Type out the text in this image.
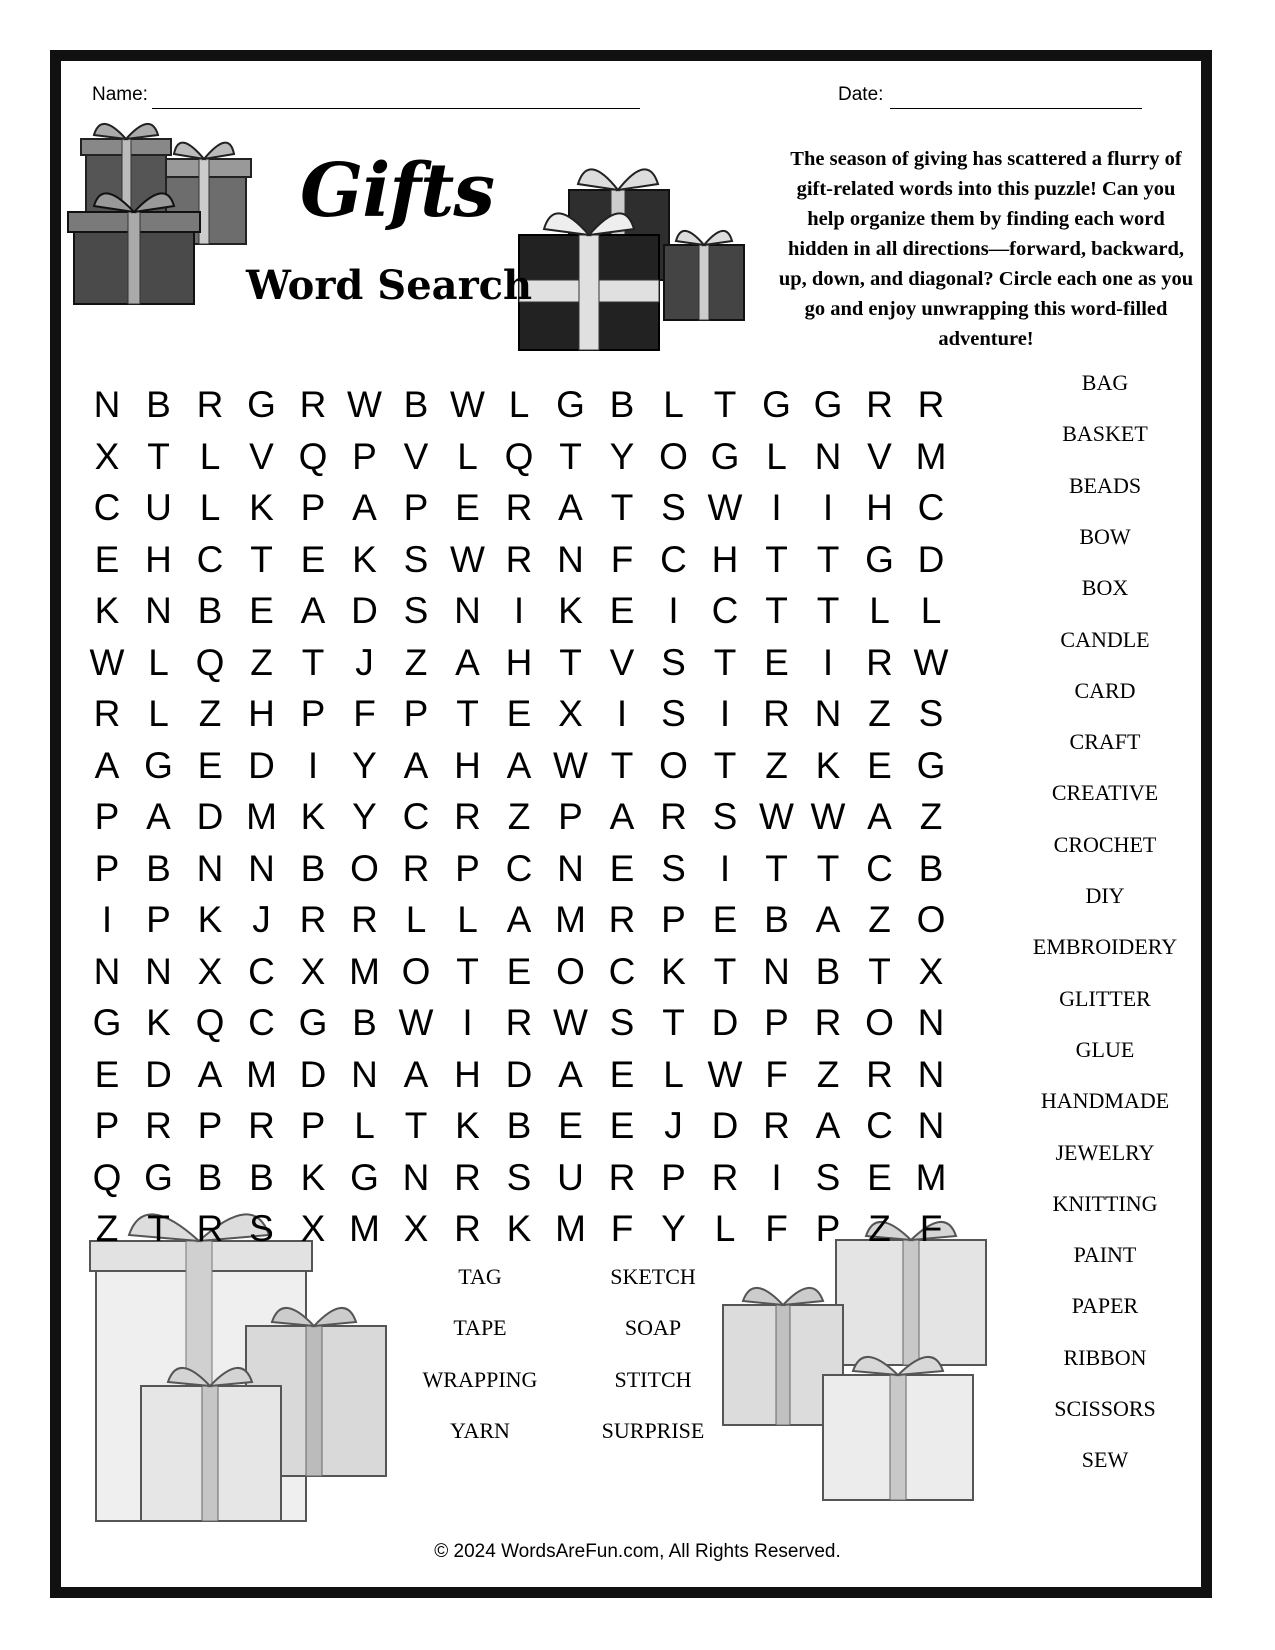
Name:	Date:
Gifts
Word Search
The season of giving has scattered a flurry of gift-related words into this puzzle! Can you help organize them by finding each word hidden in all directions—forward, backward, up, down, and diagonal? Circle each one as you go and enjoy unwrapping this word-filled adventure!
N B R G R W B W L G B L T G G R R
X T L V Q P V L Q T Y O G L N V M
C U L K P A P E R A T S W I	I H C
E H C T E K S W R N F C H T T G D
K N B E A D S N I K E I C T T L L
W L Q Z T J Z A H T V S T E I R W
R L Z H P F P T E X I S I R N Z S
A G E D I Y A H A W T O T Z K E G
P A D M K Y C R Z P A R S W W A Z
P B N N B O R P C N E S I T T C B
I P K J R R L L A M R P E B A Z O
N N X C X M O T E O C K T N B T X
G K Q C G B W I R W S T D P R O N
E D A M D N A H D A E L W F Z R N
P R P R P L T K B E E J D R A C N
Q G B B K G N R S U R P R I S E M
Z T R S X M X R K M F Y L F P Z F
BAG
BASKET
BEADS
BOW
BOX
CANDLE
CARD
CRAFT
CREATIVE
CROCHET
DIY
EMBROIDERY
GLITTER
GLUE
HANDMADE
JEWELRY
KNITTING
PAINT
PAPER
RIBBON
SCISSORS
SEW
TAG
TAPE
WRAPPING
YARN
SKETCH
SOAP
STITCH
SURPRISE
© 2024 WordsAreFun.com, All Rights Reserved.
